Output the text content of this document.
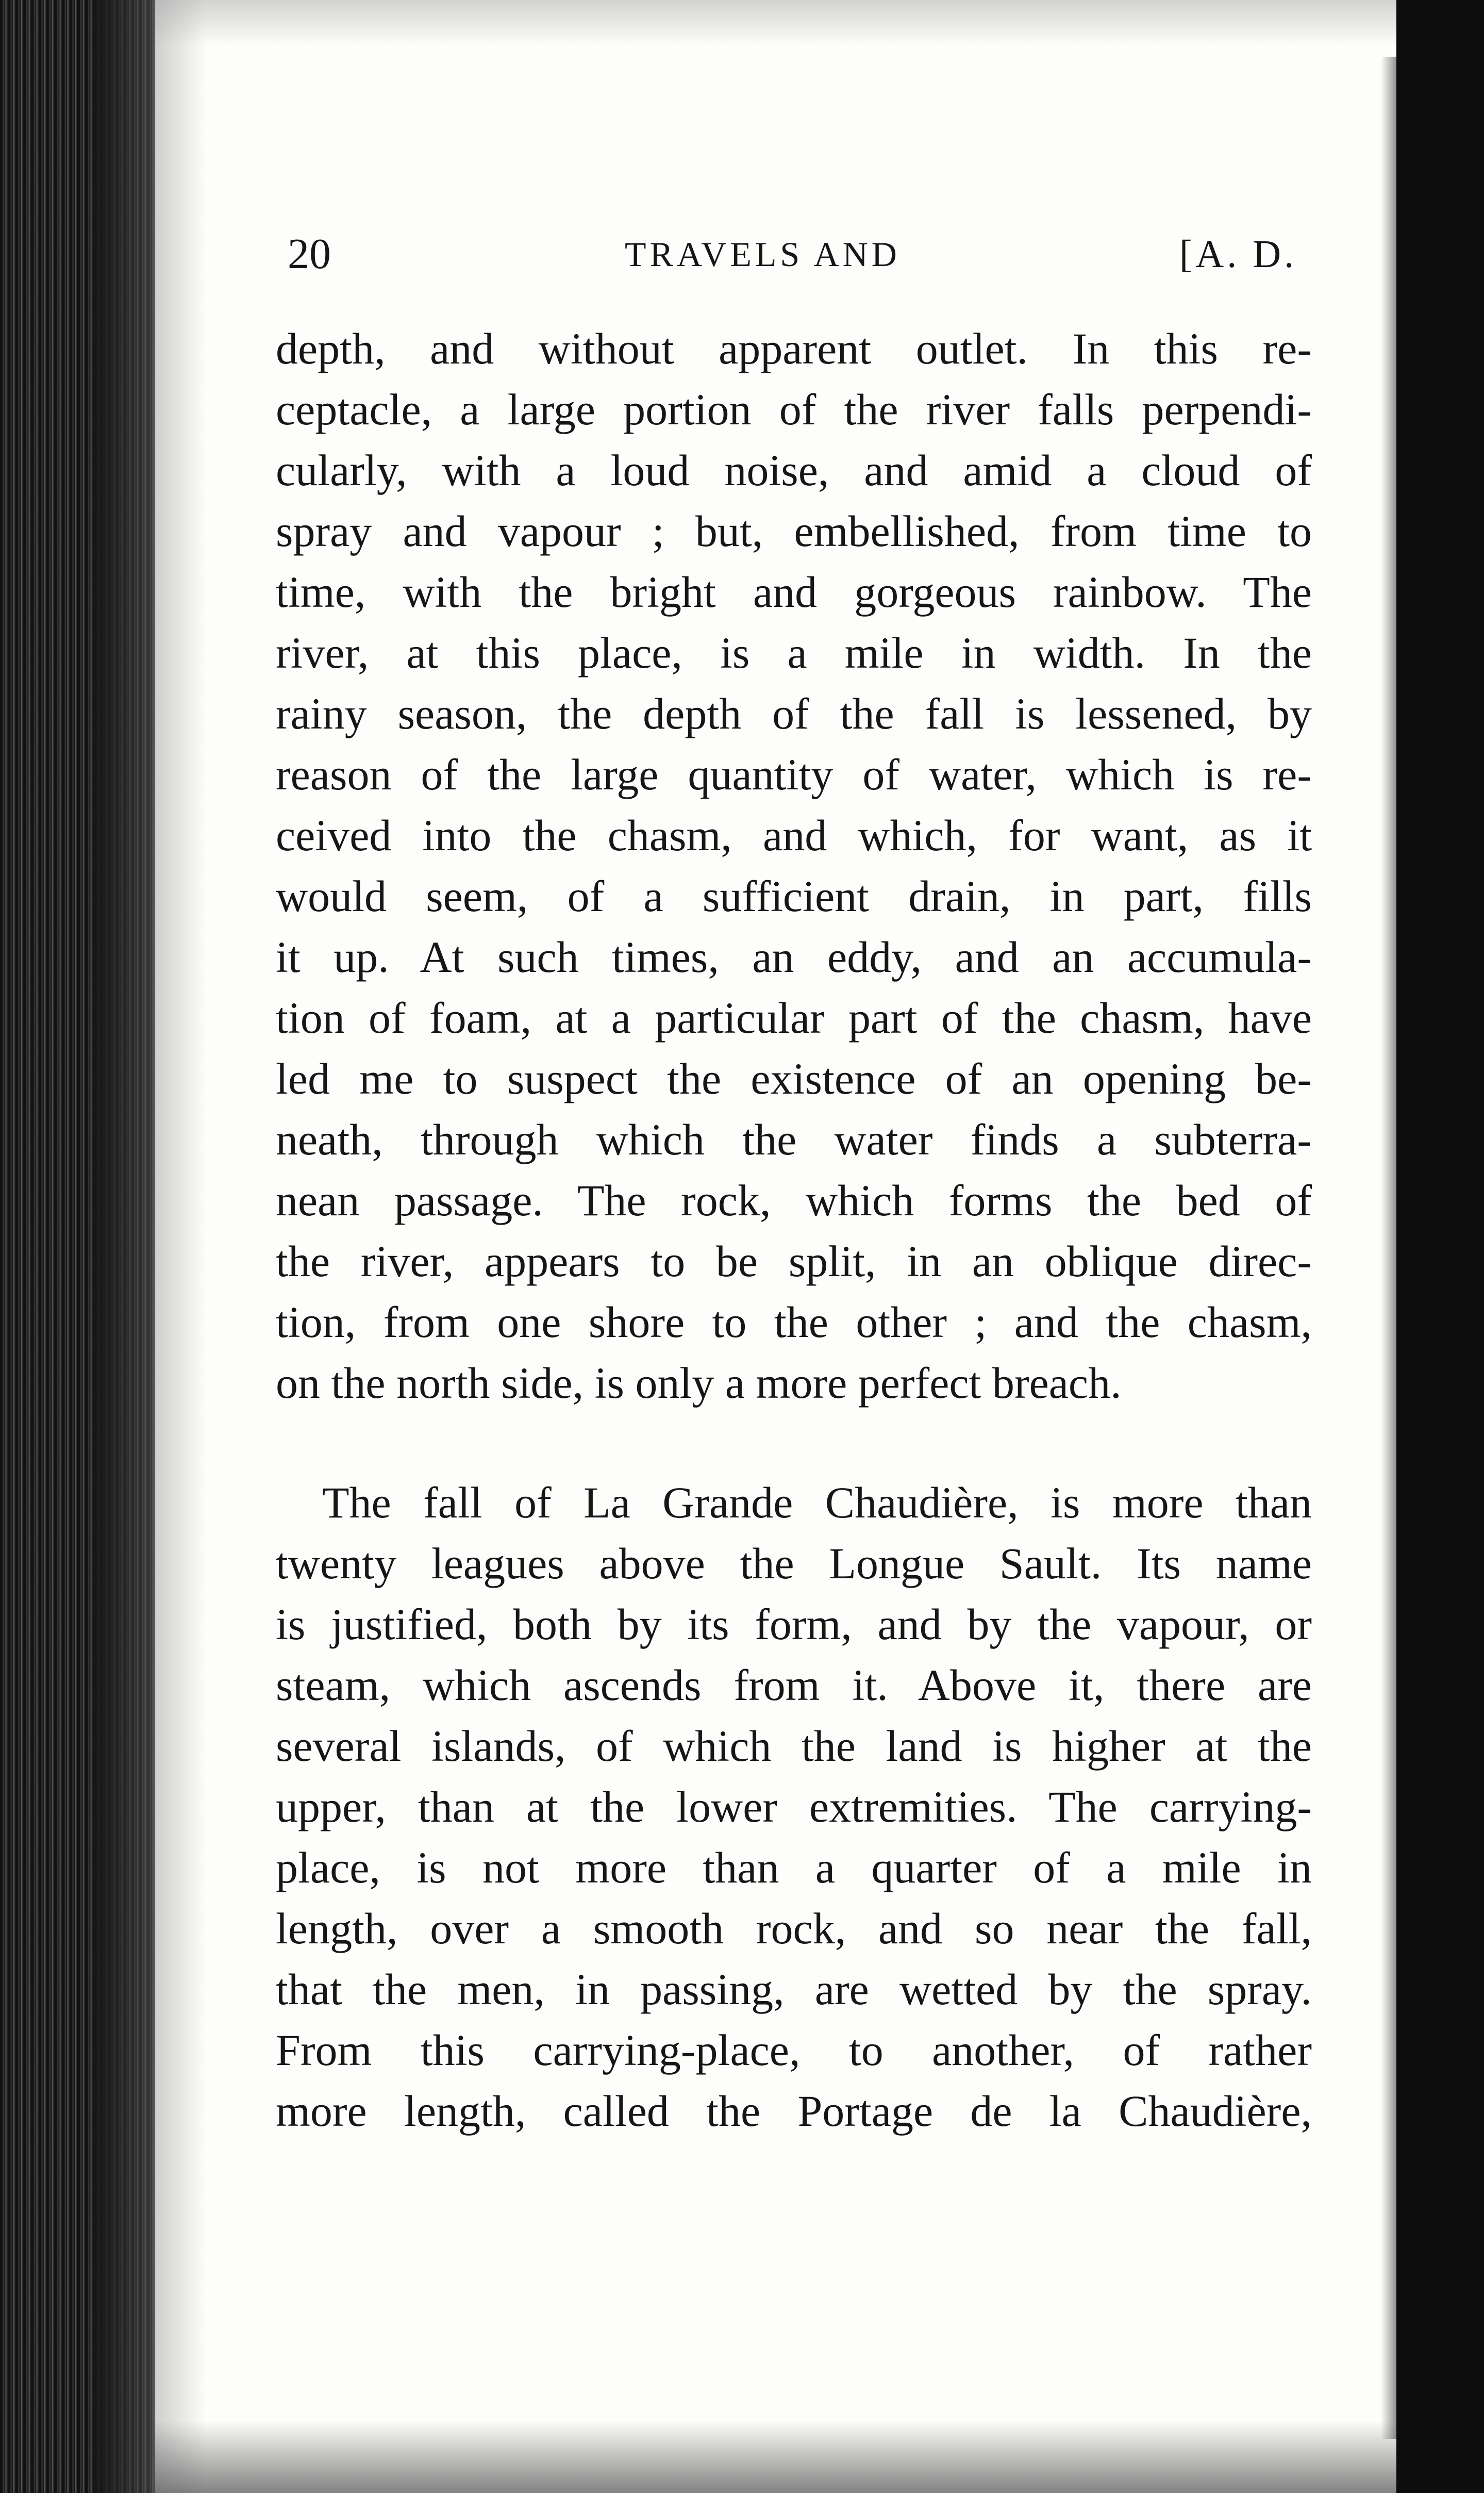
20	TRAVELS AND	[A. D.
depth, and without apparent outlet. In this re-
ceptacle, a large portion of the river falls perpendi-
cularly, with a loud noise, and amid a cloud of
spray and vapour ; but, embellished, from time to
time, with the bright and gorgeous rainbow. The
river, at this place, is a mile in width. In the
rainy season, the depth of the fall is lessened, by
reason of the large quantity of water, which is re-
ceived into the chasm, and which, for want, as it
would seem, of a sufficient drain, in part, fills
it up. At such times, an eddy, and an accumula-
tion of foam, at a particular part of the chasm, have
led me to suspect the existence of an opening be-
neath, through which the water finds a subterra-
nean passage. The rock, which forms the bed of
the river, appears to be split, in an oblique direc-
tion, from one shore to the other ; and the chasm,
on the north side, is only a more perfect breach.
The fall of La Grande Chaudière, is more than
twenty leagues above the Longue Sault. Its name
is justified, both by its form, and by the vapour, or
steam, which ascends from it. Above it, there are
several islands, of which the land is higher at the
upper, than at the lower extremities. The carrying-
place, is not more than a quarter of a mile in
length, over a smooth rock, and so near the fall,
that the men, in passing, are wetted by the spray.
From this carrying-place, to another, of rather
more length, called the Portage de la Chaudière,
